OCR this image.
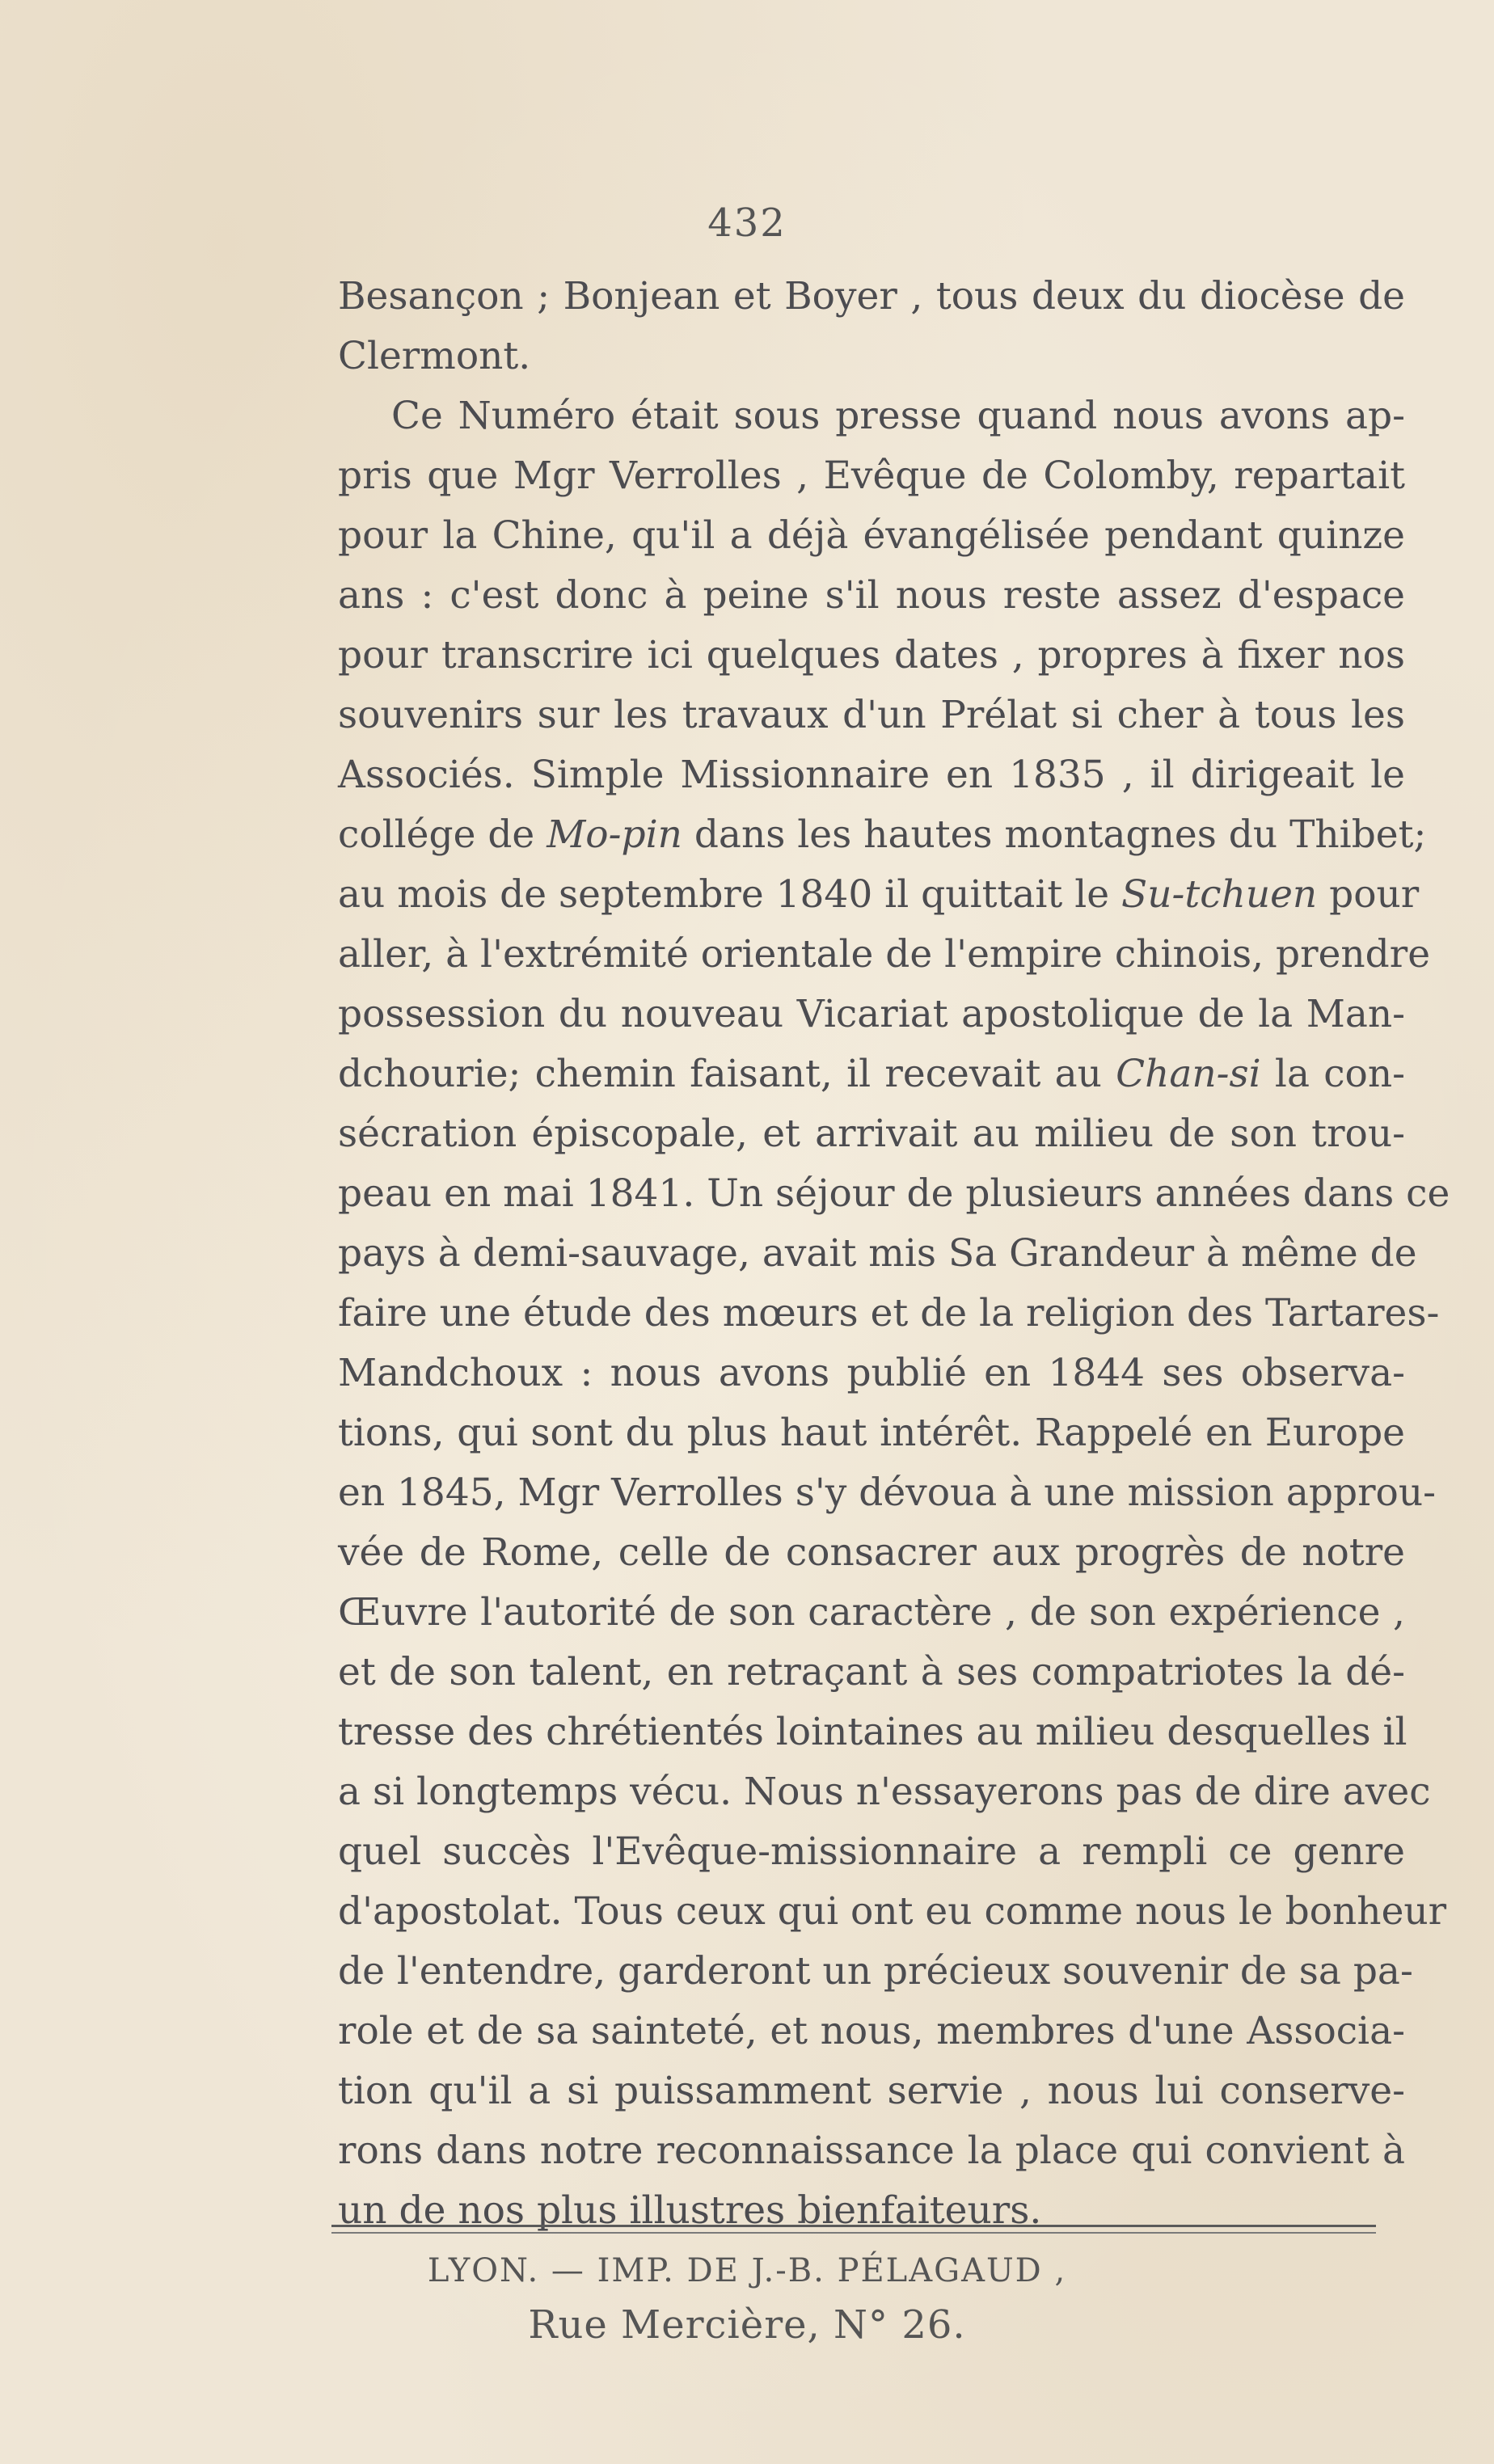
432
Besançon ; Bonjean et Boyer , tous deux du diocèse de
Clermont.
Ce Numéro était sous presse quand nous avons ap-
pris que Mgr Verrolles , Evêque de Colomby, repartait
pour la Chine, qu'il a déjà évangélisée pendant quinze
ans : c'est donc à peine s'il nous reste assez d'espace
pour transcrire ici quelques dates , propres à fixer nos
souvenirs sur les travaux d'un Prélat si cher à tous les
Associés. Simple Missionnaire en 1835 , il dirigeait le
collége de Mo-pin dans les hautes montagnes du Thibet;
au mois de septembre 1840 il quittait le Su-tchuen pour
aller, à l'extrémité orientale de l'empire chinois, prendre
possession du nouveau Vicariat apostolique de la Man-
dchourie; chemin faisant, il recevait au Chan-si la con-
sécration épiscopale, et arrivait au milieu de son trou-
peau en mai 1841. Un séjour de plusieurs années dans ce
pays à demi-sauvage, avait mis Sa Grandeur à même de
faire une étude des mœurs et de la religion des Tartares-
Mandchoux : nous avons publié en 1844 ses observa-
tions, qui sont du plus haut intérêt. Rappelé en Europe
en 1845, Mgr Verrolles s'y dévoua à une mission approu-
vée de Rome, celle de consacrer aux progrès de notre
Œuvre l'autorité de son caractère , de son expérience ,
et de son talent, en retraçant à ses compatriotes la dé-
tresse des chrétientés lointaines au milieu desquelles il
a si longtemps vécu. Nous n'essayerons pas de dire avec
quel succès l'Evêque-missionnaire a rempli ce genre
d'apostolat. Tous ceux qui ont eu comme nous le bonheur
de l'entendre, garderont un précieux souvenir de sa pa-
role et de sa sainteté, et nous, membres d'une Associa-
tion qu'il a si puissamment servie , nous lui conserve-
rons dans notre reconnaissance la place qui convient à
un de nos plus illustres bienfaiteurs.
LYON. — IMP. DE J.-B. PÉLAGAUD ,
Rue Mercière, N° 26.
